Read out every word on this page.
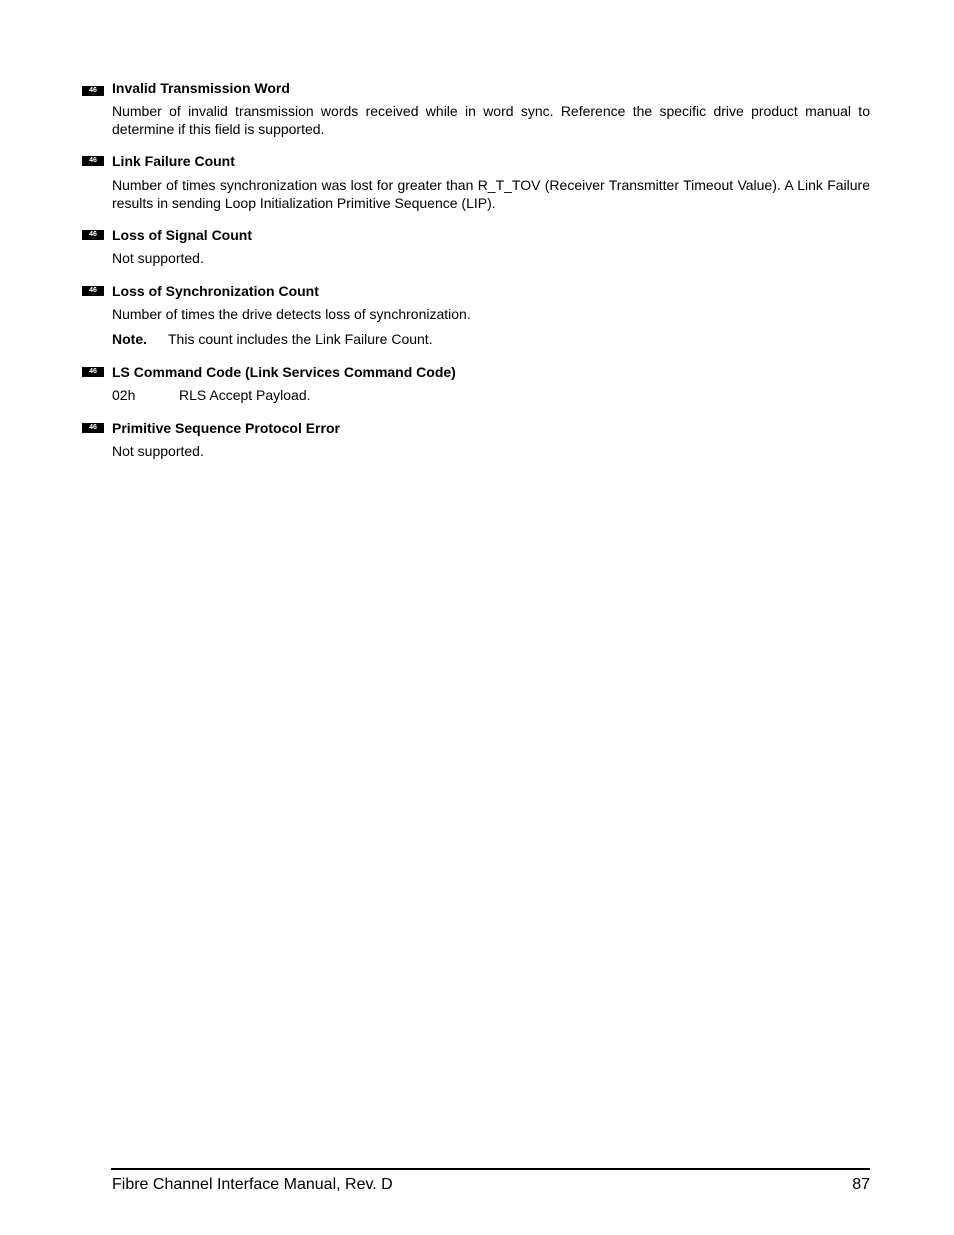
46	Invalid Transmission Word
Number of invalid transmission words received while in word sync. Reference the specific drive product manual to determine if this field is supported.
46	Link Failure Count
Number of times synchronization was lost for greater than R_T_TOV (Receiver Transmitter Timeout Value). A Link Failure results in sending Loop Initialization Primitive Sequence (LIP).
46	Loss of Signal Count
Not supported.
46	Loss of Synchronization Count
Number of times the drive detects loss of synchronization.
Note. This count includes the Link Failure Count.
46	LS Command Code (Link Services Command Code)
02h	RLS Accept Payload.
46	Primitive Sequence Protocol Error
Not supported.
Fibre Channel Interface Manual, Rev. D	87
